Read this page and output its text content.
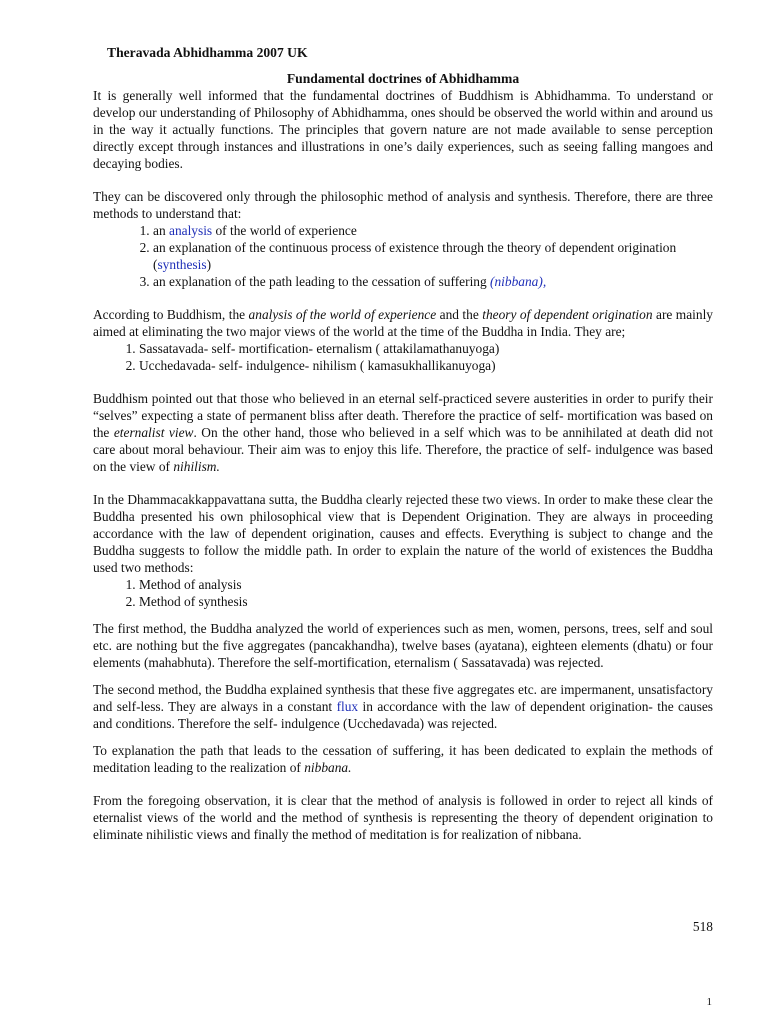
Theravada Abhidhamma 2007 UK

Fundamental doctrines of Abhidhamma

It is generally well informed that the fundamental doctrines of Buddhism is Abhidhamma. To understand or develop our understanding of Philosophy of Abhidhamma, ones should be observed the world within and around us in the way it actually functions. The principles that govern nature are not made available to sense perception directly except through instances and illustrations in one’s daily experiences, such as seeing falling mangoes and decaying bodies.

They can be discovered only through the philosophic method of analysis and synthesis. Therefore, there are three methods to understand that:

1. an analysis of the world of experience
2. an explanation of the continuous process of existence through the theory of dependent origination (synthesis)
3. an explanation of the path leading to the cessation of suffering (nibbana),

According to Buddhism, the analysis of the world of experience and the theory of dependent origination are mainly aimed at eliminating the two major views of the world at the time of the Buddha in India. They are;

1. Sassatavada- self- mortification- eternalism ( attakilamathanuyoga)
2. Ucchedavada- self- indulgence- nihilism ( kamasukhallikanuyoga)

Buddhism pointed out that those who believed in an eternal self-practiced severe austerities in order to purify their “selves” expecting a state of permanent bliss after death. Therefore the practice of self- mortification was based on the eternalist view. On the other hand, those who believed in a self which was to be annihilated at death did not care about moral behaviour. Their aim was to enjoy this life. Therefore, the practice of self- indulgence was based on the view of nihilism.

In the Dhammacakkappavattana sutta, the Buddha clearly rejected these two views. In order to make these clear the Buddha presented his own philosophical view that is Dependent Origination. They are always in proceeding accordance with the law of dependent origination, causes and effects. Everything is subject to change and the Buddha suggests to follow the middle path. In order to explain the nature of the world of existences the Buddha used two methods:

1. Method of analysis
2. Method of synthesis

The first method, the Buddha analyzed the world of experiences such as men, women, persons, trees, self and soul etc. are nothing but the five aggregates (pancakhandha), twelve bases (ayatana), eighteen elements (dhatu) or four elements (mahabhuta). Therefore the self-mortification, eternalism ( Sassatavada) was rejected.

The second method, the Buddha explained synthesis that these five aggregates etc. are impermanent, unsatisfactory and self-less. They are always in a constant flux in accordance with the law of dependent origination- the causes and conditions. Therefore the self- indulgence (Ucchedavada) was rejected.

To explanation the path that leads to the cessation of suffering, it has been dedicated to explain the methods of meditation leading to the realization of nibbana.

From the foregoing observation, it is clear that the method of analysis is followed in order to reject all kinds of eternalist views of the world and the method of synthesis is representing the theory of dependent origination to eliminate nihilistic views and finally the method of meditation is for realization of nibbana.

518
1
